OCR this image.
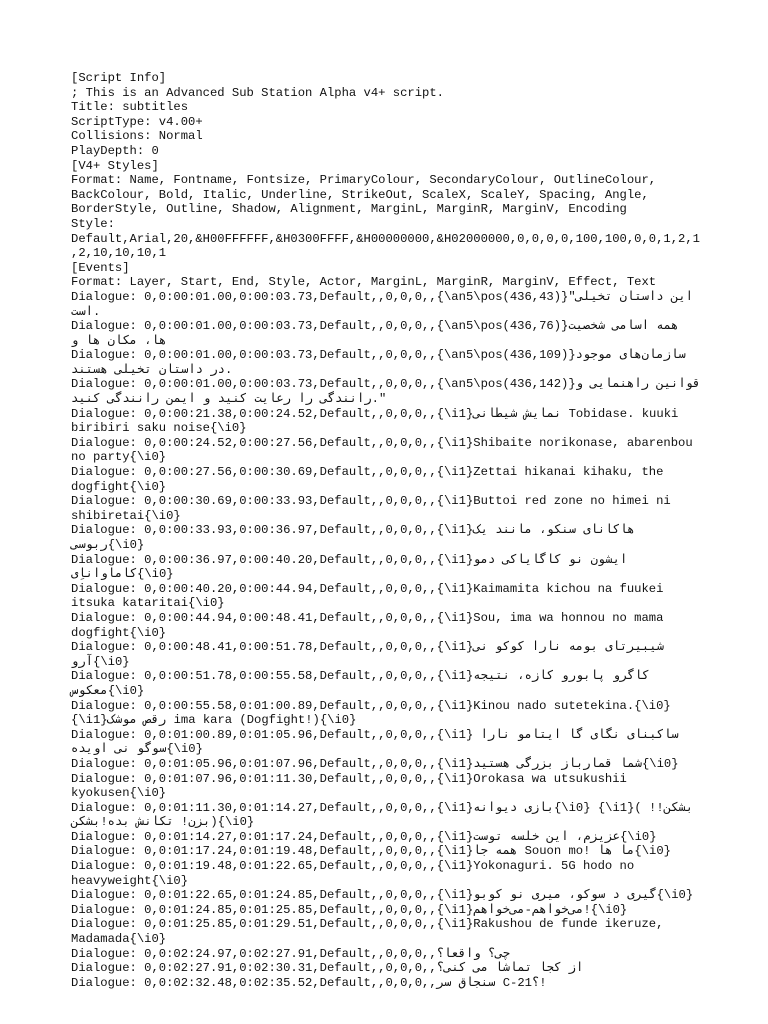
[Script Info]
; This is an Advanced Sub Station Alpha v4+ script.
Title: subtitles
ScriptType: v4.00+
Collisions: Normal
PlayDepth: 0
[V4+ Styles]
Format: Name, Fontname, Fontsize, PrimaryColour, SecondaryColour, OutlineColour, BackColour, Bold, Italic, Underline, StrikeOut, ScaleX, ScaleY, Spacing, Angle, BorderStyle, Outline, Shadow, Alignment, MarginL, MarginR, MarginV, Encoding
Style: Default,Arial,20,&H00FFFFFF,&H0300FFFF,&H00000000,&H02000000,0,0,0,0,100,100,0,0,1,2,1,2,10,10,10,1
[Events]
Format: Layer, Start, End, Style, Actor, MarginL, MarginR, MarginV, Effect, Text
Dialogue: 0,0:00:01.00,0:00:03.73,Default,,0,0,0,,{\an5\pos(436,43)}"این داستان تخیلی است.
Dialogue: 0,0:00:01.00,0:00:03.73,Default,,0,0,0,,{\an5\pos(436,76)}همه اسامی شخصیت ها، مکان ها و
Dialogue: 0,0:00:01.00,0:00:03.73,Default,,0,0,0,,{\an5\pos(436,109)}سازمان‌های موجود در داستان تخیلی هستند.
Dialogue: 0,0:00:01.00,0:00:03.73,Default,,0,0,0,,{\an5\pos(436,142)}قوانین راهنمایی و رانندگی را رعایت کنید و ایمن رانندگی کنید."
Dialogue: 0,0:00:21.38,0:00:24.52,Default,,0,0,0,,{\i1}نمایش شیطانی Tobidase. kuuki biribiri saku noise{\i0}
Dialogue: 0,0:00:24.52,0:00:27.56,Default,,0,0,0,,{\i1}Shibaite norikonase, abarenbou no party{\i0}
Dialogue: 0,0:00:27.56,0:00:30.69,Default,,0,0,0,,{\i1}Zettai hikanai kihaku, the dogfight{\i0}
Dialogue: 0,0:00:30.69,0:00:33.93,Default,,0,0,0,,{\i1}Buttoi red zone no himei ni shibiretai{\i0}
Dialogue: 0,0:00:33.93,0:00:36.97,Default,,0,0,0,,{\i1}هاکانای سنکو، مانند یک ربوسی{\i0}
Dialogue: 0,0:00:36.97,0:00:40.20,Default,,0,0,0,,{\i1}ایشون نو کاگایاکی دمو کاماواناِی{\i0}
Dialogue: 0,0:00:40.20,0:00:44.94,Default,,0,0,0,,{\i1}Kaimamita kichou na fuukei itsuka kataritai{\i0}
Dialogue: 0,0:00:44.94,0:00:48.41,Default,,0,0,0,,{\i1}Sou, ima wa honnou no mama dogfight{\i0}
Dialogue: 0,0:00:48.41,0:00:51.78,Default,,0,0,0,,{\i1}شیبیرتای بومه نارا کوکو نی آرو{\i0}
Dialogue: 0,0:00:51.78,0:00:55.58,Default,,0,0,0,,{\i1}کاگرو پابورو کازه، نتیجه معکوس{\i0}
Dialogue: 0,0:00:55.58,0:01:00.89,Default,,0,0,0,,{\i1}Kinou nado sutetekina.{\i0}{\i1}رقص موشک ima kara (Dogfight!){\i0}
Dialogue: 0,0:01:00.89,0:01:05.96,Default,,0,0,0,,{\i1} ساکبنای نگای گا ایتامو نارا سوگو نی اویده{\i0}
Dialogue: 0,0:01:05.96,0:01:07.96,Default,,0,0,0,,{\i1}شما قمارباز بزرگی هستید{\i0}
Dialogue: 0,0:01:07.96,0:01:11.30,Default,,0,0,0,,{\i1}Orokasa wa utsukushii kyokusen{\i0}
Dialogue: 0,0:01:11.30,0:01:14.27,Default,,0,0,0,,{\i1}بازی دیوانه{\i0} {\i1}( !بشکن! بزن! تکانش بده!بشکن){\i0}
Dialogue: 0,0:01:14.27,0:01:17.24,Default,,0,0,0,,{\i1}عزیزم، این خلسه توست{\i0}
Dialogue: 0,0:01:17.24,0:01:19.48,Default,,0,0,0,,{\i1}همه جا Souon mo! ما ها{\i0}
Dialogue: 0,0:01:19.48,0:01:22.65,Default,,0,0,0,,{\i1}Yokonaguri. 5G hodo no heavyweight{\i0}
Dialogue: 0,0:01:22.65,0:01:24.85,Default,,0,0,0,,{\i1}گیری د سوکو، میری نو کوبو{\i0}
Dialogue: 0,0:01:24.85,0:01:25.85,Default,,0,0,0,,{\i1}می‌خواهم-می‌خواهم!{\i0}
Dialogue: 0,0:01:25.85,0:01:29.51,Default,,0,0,0,,{\i1}Rakushou de funde ikeruze, Madamada{\i0}
Dialogue: 0,0:02:24.97,0:02:27.91,Default,,0,0,0,,چی؟ واقعا؟
Dialogue: 0,0:02:27.91,0:02:30.31,Default,,0,0,0,,از کجا تماشا می کنی؟
Dialogue: 0,0:02:32.48,0:02:35.52,Default,,0,0,0,,سنجاق سر C-21؟!
